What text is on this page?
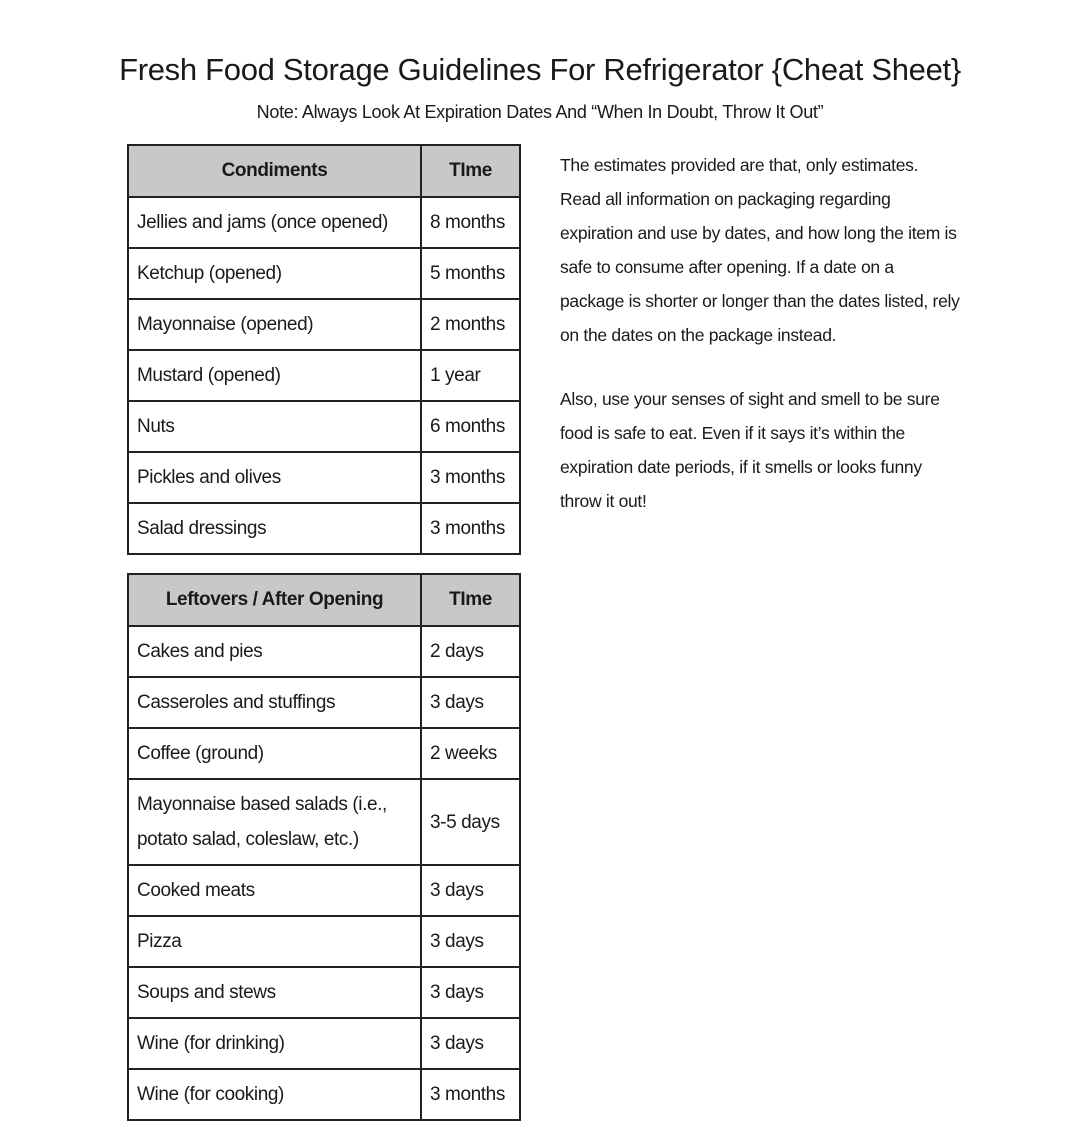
Fresh Food Storage Guidelines For Refrigerator {Cheat Sheet}
Note: Always Look At Expiration Dates And “When In Doubt, Throw It Out”
Condiments	TIme
Jellies and jams (once opened)	8 months
Ketchup (opened)	5 months
Mayonnaise (opened)	2 months
Mustard (opened)	1 year
Nuts	6 months
Pickles and olives	3 months
Salad dressings	3 months
Leftovers / After Opening	TIme
Cakes and pies	2 days
Casseroles and stuffings	3 days
Coffee (ground)	2 weeks
Mayonnaise based salads (i.e., potato salad, coleslaw, etc.)	3-5 days
Cooked meats	3 days
Pizza	3 days
Soups and stews	3 days
Wine (for drinking)	3 days
Wine (for cooking)	3 months

The estimates provided are that, only estimates. Read all information on packaging regarding expiration and use by dates, and how long the item is safe to consume after opening. If a date on a package is shorter or longer than the dates listed, rely on the dates on the package instead.

Also, use your senses of sight and smell to be sure food is safe to eat. Even if it says it’s within the expiration date periods, if it smells or looks funny throw it out!
